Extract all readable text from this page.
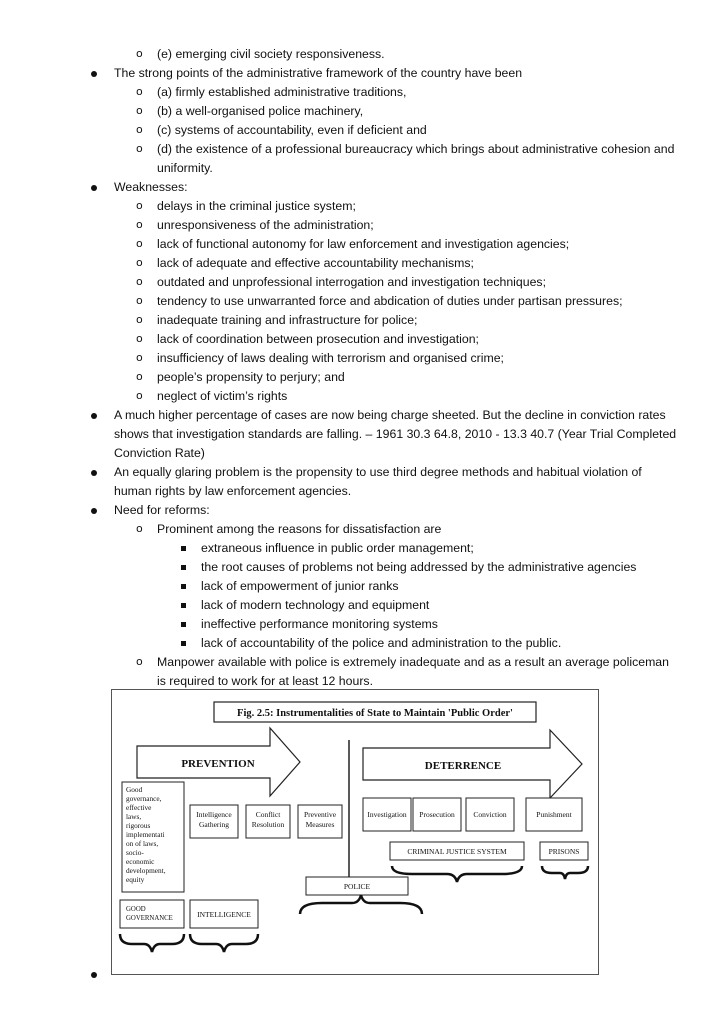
o (e) emerging civil society responsiveness.
The strong points of the administrative framework of the country have been
o (a) firmly established administrative traditions,
o (b) a well-organised police machinery,
o (c) systems of accountability, even if deficient and
o (d) the existence of a professional bureaucracy which brings about administrative cohesion and
uniformity.
Weaknesses:
o delays in the criminal justice system;
o unresponsiveness of the administration;
o lack of functional autonomy for law enforcement and investigation agencies;
o lack of adequate and effective accountability mechanisms;
o outdated and unprofessional interrogation and investigation techniques;
o tendency to use unwarranted force and abdication of duties under partisan pressures;
o inadequate training and infrastructure for police;
o lack of coordination between prosecution and investigation;
o insufficiency of laws dealing with terrorism and organised crime;
o people’s propensity to perjury; and
o neglect of victim’s rights
A much higher percentage of cases are now being charge sheeted. But the decline in conviction rates
shows that investigation standards are falling. – 1961 30.3 64.8, 2010 - 13.3 40.7 (Year Trial Completed
Conviction Rate)
An equally glaring problem is the propensity to use third degree methods and habitual violation of
human rights by law enforcement agencies.
Need for reforms:
o Prominent among the reasons for dissatisfaction are
extraneous influence in public order management;
the root causes of problems not being addressed by the administrative agencies
lack of empowerment of junior ranks
lack of modern technology and equipment
ineffective performance monitoring systems
lack of accountability of the police and administration to the public.
o Manpower available with police is extremely inadequate and as a result an average policeman
is required to work for at least 12 hours.
Fig. 2.5: Instrumentalities of State to Maintain 'Public Order'
PREVENTION	DETERRENCE
Good
governance,
effective
laws,
rigorous
implementati
on of laws,
socio-
economic
development,
equity
Intelligence
Gathering
Conflict
Resolution
Preventive
Measures
Investigation Prosecution Conviction	Punishment
CRIMINAL JUSTICE SYSTEM	PRISONS
POLICE
GOOD
GOVERNANCE	INTELLIGENCE
